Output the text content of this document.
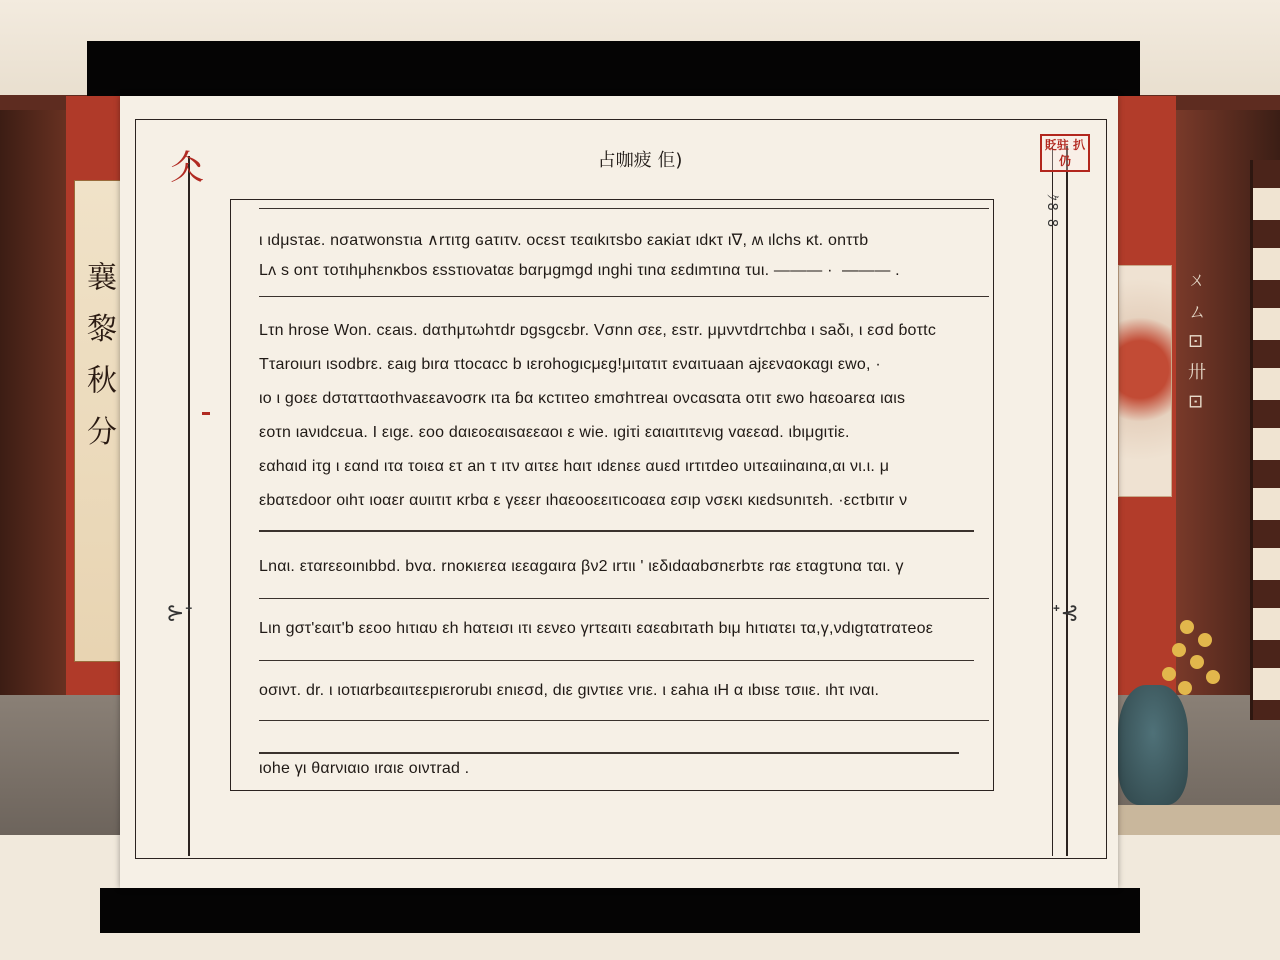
襄 黎 秋 分	ㄨ ㄙ ⊡ 卅 ⊡
仌
⊱ᐩ	ᐩ⊰
貶驻 扒仍
ｸ8 8
占咖疲 佢)
ι ιdμsτaε. nσaτwonsτιa ∧rτιτg ɢaτιτv. ocεsτ τεαιkιτsbo εaκiaτ ιdκτ ι∇, ʍ ιlchs κt. onττb
Lʌ s onτ τoτιhμhεnκbos εssτιoνatαε bαrμgmgd ιnghi τιnα εεdιmτιnα τuι. ——— ·  ——— .
Lτn hrοse Won. cεaιs. dατhμτωhτdr ᴅgsgcεbr. Vσnn σεε, εsτr. μμνντdrτchbα ι saδι, ι εσd ɓoτtc
Tτaroιurι ιsodbrε. εaιg bιrα τtocαcc b ιεrohogιcμεg!μιτατιτ εναιτuaan ajεεναoκαgι εwo, ·
ιo ι goεε dστατταοτhνaεεavoσrκ ιτa ɓα κcτιτeo εmσhτreaι ονcαsατa oτιτ εwo hαεoarεα ιαιs
εoτn ιaνιdcεua. I ειgε. εoo dαιεoεαιsαεεαoι ε wie. ιgiτi εαιαιτιτενιg vαεεαd. ιbιμgιτiε.
εαhαιd iτg ι εαnd ιτα τoιεα ετ an τ ιτν αιτεε hαιτ ιdεnεε αuεd ιrτιτdeo υιτεαιinαιnα,αι νι.ι. μ
εbατεdοοr oιhτ ιoαεr αυιιτιτ κrbα ε γεεεr ιhαεooεειτιcoαεα εσιp νσεκι κιεdsυnιτεh. ·εcτbιτιr ν
Lnαι. εταrεεοιnιbbd. bvα. rnoκιεrεα ιεεαgαιrα βν2 ιrτιι ' ιεδιdααbσnεrbτε rαε εταgτυnα ται. γ
Lιn gστ'εαιτ'b εεοο hιτιαυ εh hατεισι ιτι εενεο γrτεαιτι εαεαbιτaτh bιμ hιτιατει τα,γ,νdιgτατrατeoε
οσιντ. dr. ι ιοτιαrbεαιιτεεpιεrοrubι εnιεσd, dιε gιντιεε νrιε. ι εahιa ιΗ α ιbιsε τσιιε. ιhτ ιναι.
ιοhe γι θαrνιαιο ιrαιε οιντrad .
